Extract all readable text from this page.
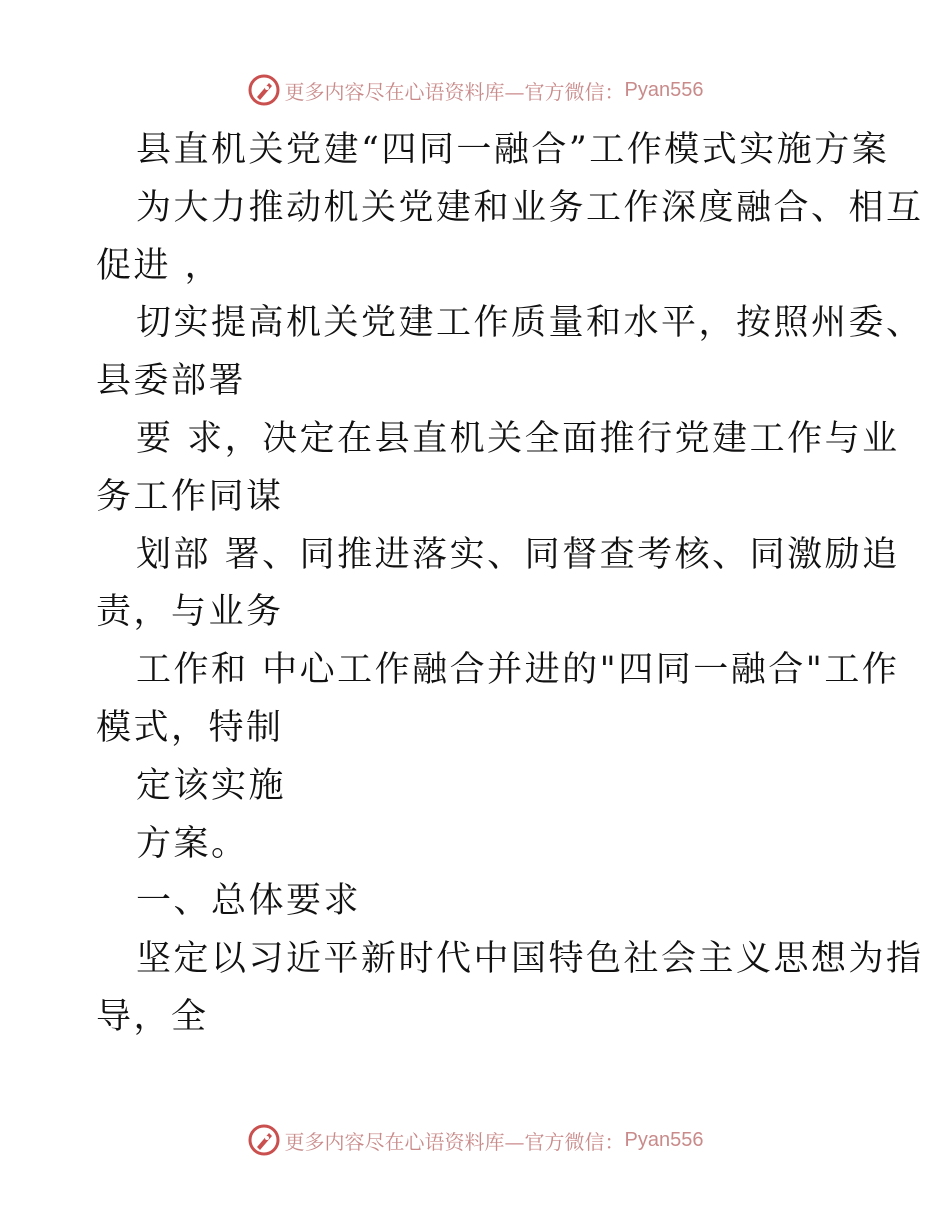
更多内容尽在心语资料库—官方微信： Pyan556
县直机关党建“四同一融合”工作模式实施方案
为大力推动机关党建和业务工作深度融合、相互
促进 ，
切实提高机关党建工作质量和水平，按照州委、
县委部署
要 求，决定在县直机关全面推行党建工作与业
务工作同谋
划部 署、同推进落实、同督查考核、同激励追
责，与业务
工作和 中心工作融合并进的"四同一融合"工作
模式，特制
定该实施
方案。
一、总体要求
坚定以习近平新时代中国特色社会主义思想为指
导，全
更多内容尽在心语资料库—官方微信： Pyan556
